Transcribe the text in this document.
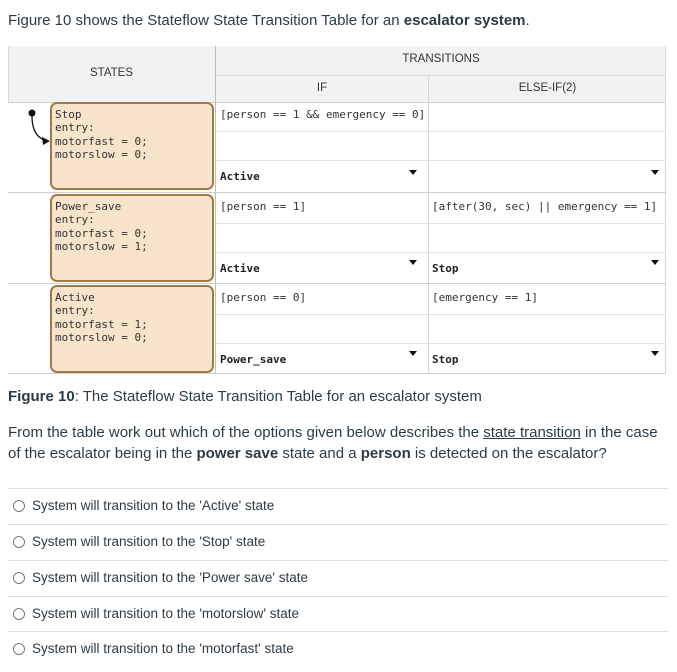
Figure 10 shows the Stateflow State Transition Table for an escalator system.
STATES
TRANSITIONS
IF	ELSE-IF(2)
Stop
entry:
motorfast = 0;
motorslow = 0;
[person == 1 && emergency == 0]
Active
Power_save
entry:
motorfast = 0;
motorslow = 1;
[person == 1]
Active
[after(30, sec) || emergency == 1]
Stop
Active
entry:
motorfast = 1;
motorslow = 0;
[person == 0]
Power_save
[emergency == 1]
Stop
Figure 10: The Stateflow State Transition Table for an escalator system
From the table work out which of the options given below describes the state transition in the case of the escalator being in the power save state and a person is detected on the escalator?
System will transition to the 'Active' state
System will transition to the 'Stop' state
System will transition to the 'Power save' state
System will transition to the 'motorslow' state
System will transition to the 'motorfast' state
